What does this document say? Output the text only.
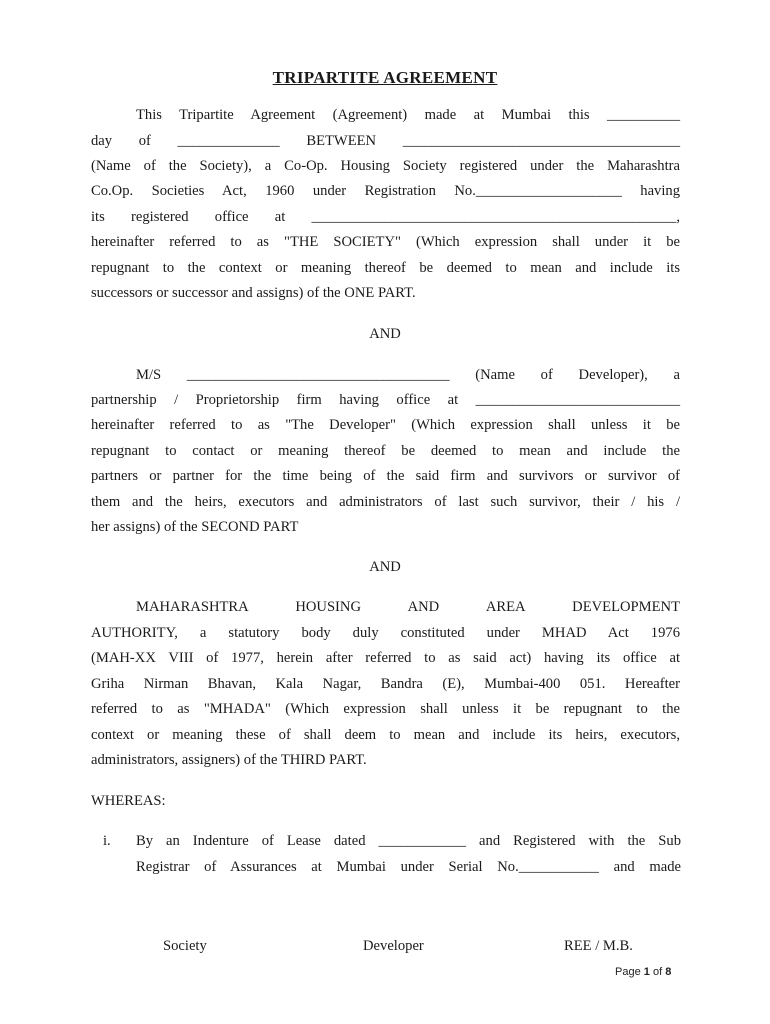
TRIPARTITE AGREEMENT
This Tripartite Agreement (Agreement) made at Mumbai this __________
day of ______________ BETWEEN ______________________________________
(Name of the Society), a Co-Op. Housing Society registered under the Maharashtra
Co.Op. Societies Act, 1960 under Registration No.____________________ having
its registered office at __________________________________________________,
hereinafter referred to as "THE SOCIETY" (Which expression shall under it be
repugnant to the context or meaning thereof be deemed to mean and include its
successors or successor and assigns) of the ONE PART.
AND
M/S ____________________________________ (Name of Developer), a
partnership / Proprietorship firm having office at ____________________________
hereinafter referred to as "The Developer" (Which expression shall unless it be
repugnant to contact or meaning thereof be deemed to mean and include the
partners or partner for the time being of the said firm and survivors or survivor of
them and the heirs, executors and administrators of last such survivor, their / his /
her assigns) of the SECOND PART
AND
MAHARASHTRA HOUSING AND AREA DEVELOPMENT
AUTHORITY, a statutory body duly constituted under MHAD Act 1976
(MAH-XX VIII of 1977, herein after referred to as said act) having its office at
Griha Nirman Bhavan, Kala Nagar, Bandra (E), Mumbai-400 051. Hereafter
referred to as "MHADA" (Which expression shall unless it be repugnant to the
context or meaning these of shall deem to mean and include its heirs, executors,
administrators, assigners) of the THIRD PART.
WHEREAS:
i. By an Indenture of Lease dated ____________ and Registered with the Sub
Registrar of Assurances at Mumbai under Serial No.___________ and made
Society	Developer	REE / M.B.
Page 1 of 8
